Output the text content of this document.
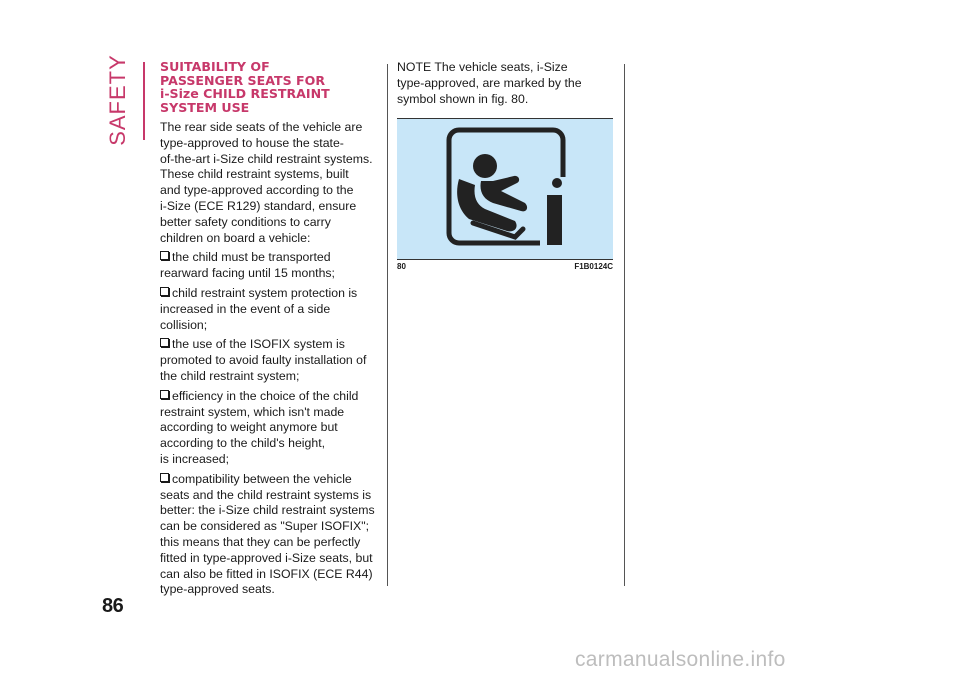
SAFETY SUITABILITY OF
PASSENGER SEATS FOR
i-Size CHILD RESTRAINT
SYSTEM USE

The rear side seats of the vehicle are
type-approved to house the state-
of-the-art i-Size child restraint systems.
These child restraint systems, built
and type-approved according to the
i-Size (ECE R129) standard, ensure
better safety conditions to carry
children on board a vehicle:

the child must be transported
rearward facing until 15 months;

child restraint system protection is
increased in the event of a side
collision;

the use of the ISOFIX system is
promoted to avoid faulty installation of
the child restraint system;

efficiency in the choice of the child
restraint system, which isn't made
according to weight anymore but
according to the child's height,
is increased;

compatibility between the vehicle
seats and the child restraint systems is
better: the i-Size child restraint systems
can be considered as "Super ISOFIX";
this means that they can be perfectly
fitted in type-approved i-Size seats, but
can also be fitted in ISOFIX (ECE R44)
type-approved seats.

NOTE The vehicle seats, i-Size
type-approved, are marked by the
symbol shown in fig. 80.

80	F1B0124C
86
carmanualsonline.info
